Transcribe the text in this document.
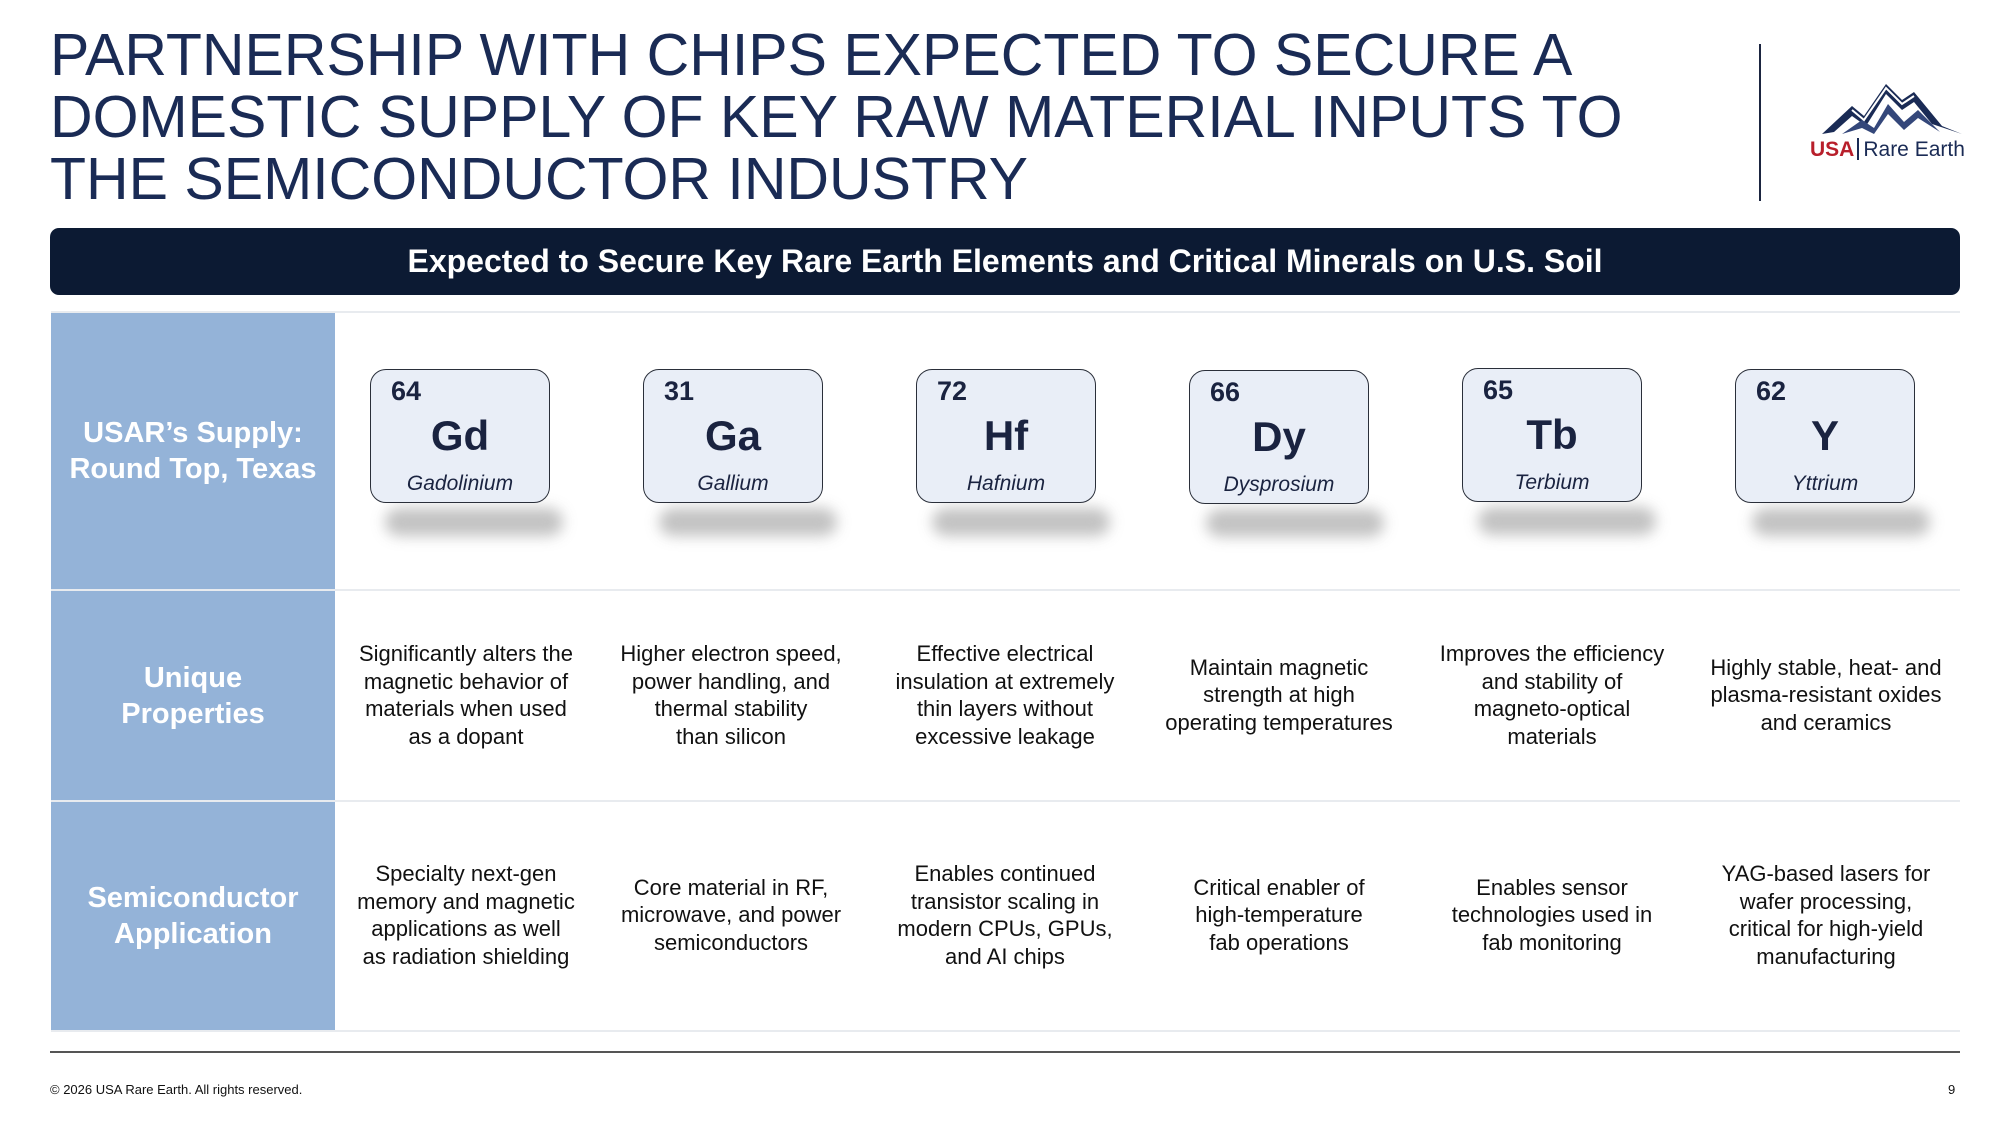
PARTNERSHIP WITH CHIPS EXPECTED TO SECURE A
DOMESTIC SUPPLY OF KEY RAW MATERIAL INPUTS TO
THE SEMICONDUCTOR INDUSTRY	USA Rare Earth
Expected to Secure Key Rare Earth Elements and Critical Minerals on U.S. Soil
USAR’s Supply:
Round Top, Texas
Unique
Properties
Semiconductor
Application
64
Gd
Gadolinium
Significantly alters the
magnetic behavior of
materials when used
as a dopant
Specialty next-gen
memory and magnetic
applications as well
as radiation shielding
31
Ga
Gallium
Higher electron speed,
power handling, and
thermal stability
than silicon
Core material in RF,
microwave, and power
semiconductors
72
Hf
Hafnium
Effective electrical
insulation at extremely
thin layers without
excessive leakage
Enables continued
transistor scaling in
modern CPUs, GPUs,
and AI chips
66
Dy
Dysprosium
Maintain magnetic
strength at high
operating temperatures
Critical enabler of
high-temperature
fab operations
65
Tb
Terbium
Improves the efficiency
and stability of
magneto-optical
materials
Enables sensor
technologies used in
fab monitoring
62
Y
Yttrium
Highly stable, heat- and
plasma-resistant oxides
and ceramics
YAG-based lasers for
wafer processing,
critical for high-yield
manufacturing
© 2026 USA Rare Earth. All rights reserved.	9
